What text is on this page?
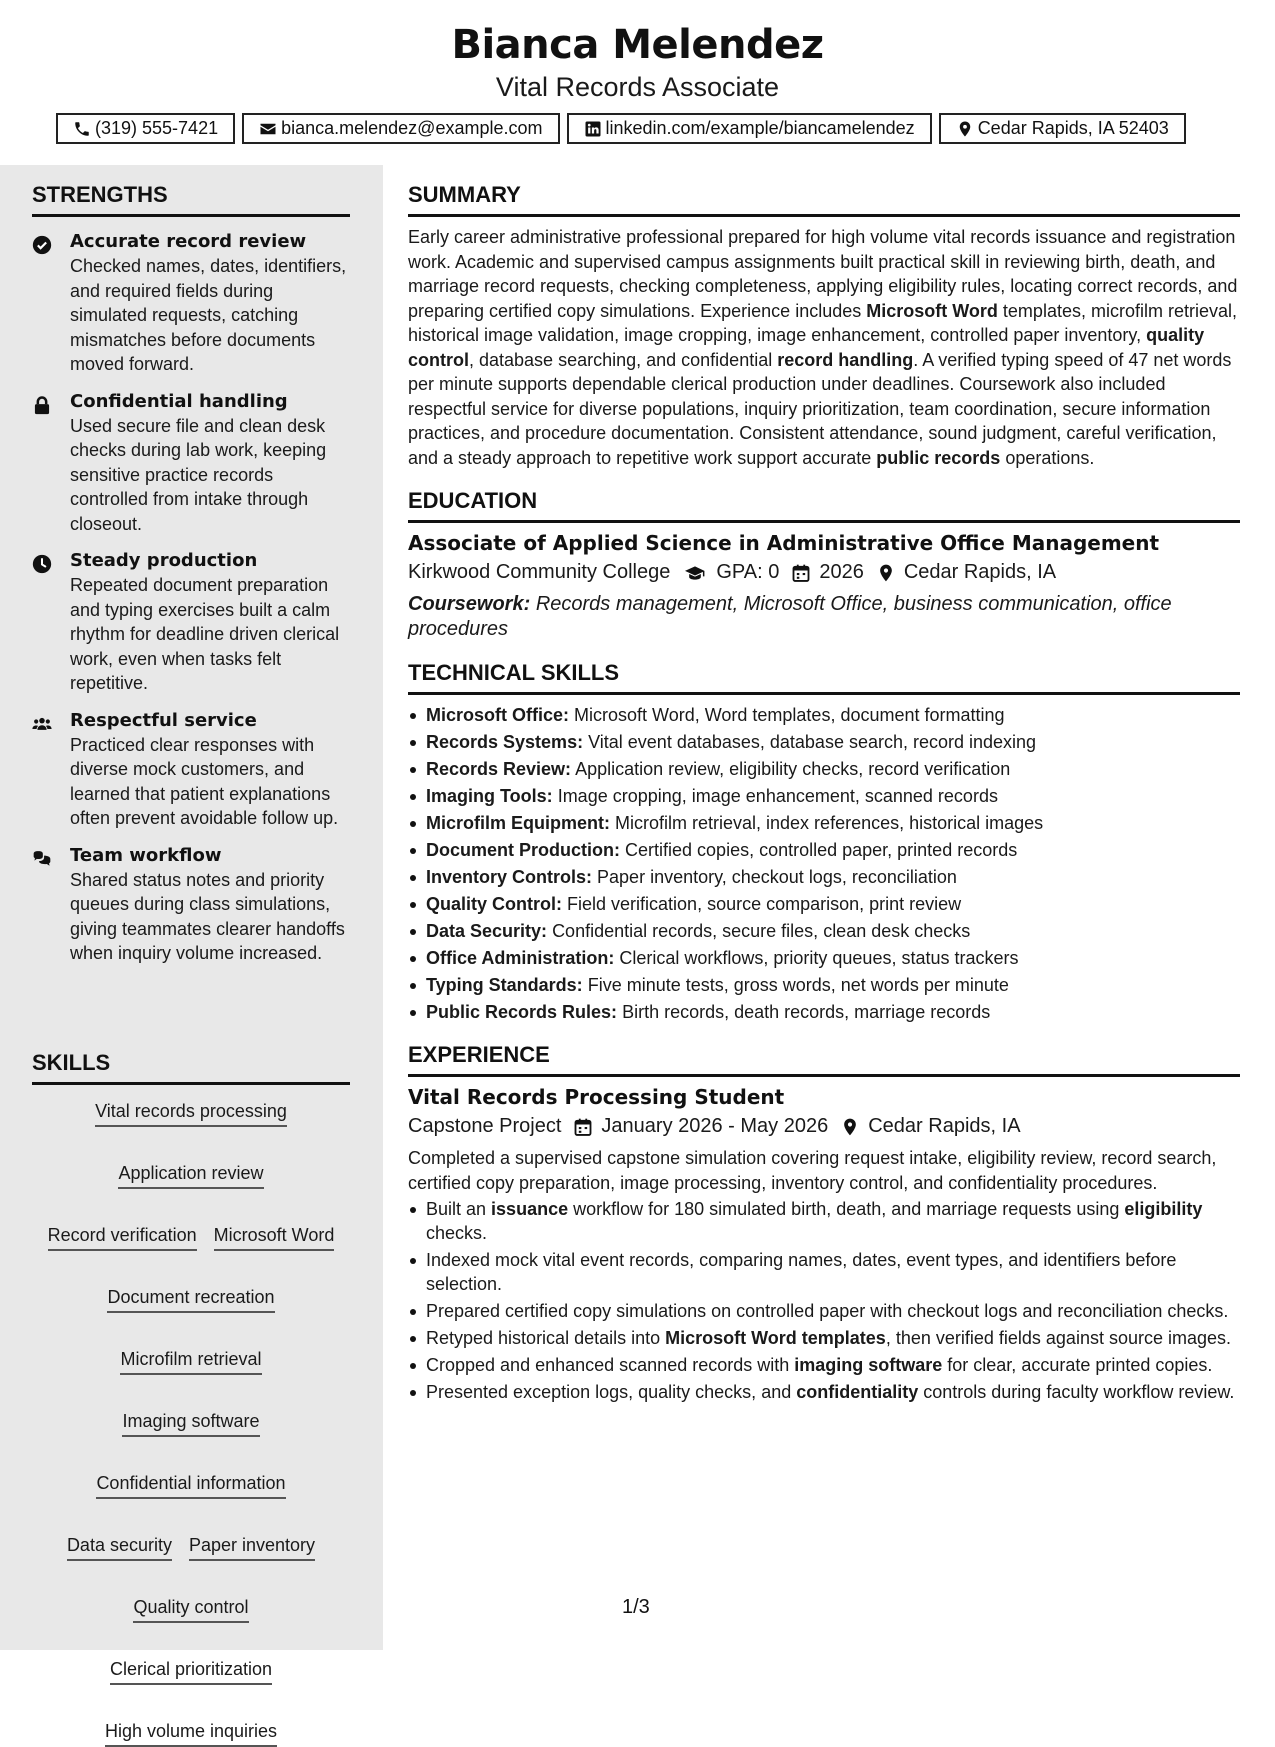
Bianca Melendez
Vital Records Associate
(319) 555-7421	bianca.melendez@example.com	linkedin.com/example/biancamelendez	Cedar Rapids, IA 52403
STRENGTHS
Accurate record review
Checked names, dates, identifiers, and required fields during simulated requests, catching mismatches before documents moved forward.
Confidential handling
Used secure file and clean desk checks during lab work, keeping sensitive practice records controlled from intake through closeout.
Steady production
Repeated document preparation and typing exercises built a calm rhythm for deadline driven clerical work, even when tasks felt repetitive.
Respectful service
Practiced clear responses with diverse mock customers, and learned that patient explanations often prevent avoidable follow up.
Team workflow
Shared status notes and priority queues during class simulations, giving teammates clearer handoffs when inquiry volume increased.
SKILLS
Vital records processing
Application review
Record verification Microsoft Word
Document recreation
Microfilm retrieval
Imaging software
Confidential information
Data security Paper inventory
Quality control
Clerical prioritization
High volume inquiries
SUMMARY

Early career administrative professional prepared for high volume vital records issuance and registration work. Academic and supervised campus assignments built practical skill in reviewing birth, death, and marriage record requests, checking completeness, applying eligibility rules, locating correct records, and preparing certified copy simulations. Experience includes Microsoft Word templates, microfilm retrieval, historical image validation, image cropping, image enhancement, controlled paper inventory, quality control, database searching, and confidential record handling. A verified typing speed of 47 net words per minute supports dependable clerical production under deadlines. Coursework also included respectful service for diverse populations, inquiry prioritization, team coordination, secure information practices, and procedure documentation. Consistent attendance, sound judgment, careful verification, and a steady approach to repetitive work support accurate public records operations.

EDUCATION
Associate of Applied Science in Administrative Office Management
Kirkwood Community College GPA: 0 2026 Cedar Rapids, IA
Coursework: Records management, Microsoft Office, business communication, office procedures
TECHNICAL SKILLS
Microsoft Office: Microsoft Word, Word templates, document formatting
Records Systems: Vital event databases, database search, record indexing
Records Review: Application review, eligibility checks, record verification
Imaging Tools: Image cropping, image enhancement, scanned records
Microfilm Equipment: Microfilm retrieval, index references, historical images
Document Production: Certified copies, controlled paper, printed records
Inventory Controls: Paper inventory, checkout logs, reconciliation
Quality Control: Field verification, source comparison, print review
Data Security: Confidential records, secure files, clean desk checks
Office Administration: Clerical workflows, priority queues, status trackers
Typing Standards: Five minute tests, gross words, net words per minute
Public Records Rules: Birth records, death records, marriage records
EXPERIENCE
Vital Records Processing Student
Capstone Project January 2026 - May 2026 Cedar Rapids, IA

Completed a supervised capstone simulation covering request intake, eligibility review, record search, certified copy preparation, image processing, inventory control, and confidentiality procedures.

Built an issuance workflow for 180 simulated birth, death, and marriage requests using eligibility checks.
Indexed mock vital event records, comparing names, dates, event types, and identifiers before selection.
Prepared certified copy simulations on controlled paper with checkout logs and reconciliation checks.
Retyped historical details into Microsoft Word templates, then verified fields against source images.
Cropped and enhanced scanned records with imaging software for clear, accurate printed copies.
Presented exception logs, quality checks, and confidentiality controls during faculty workflow review.
1/3
